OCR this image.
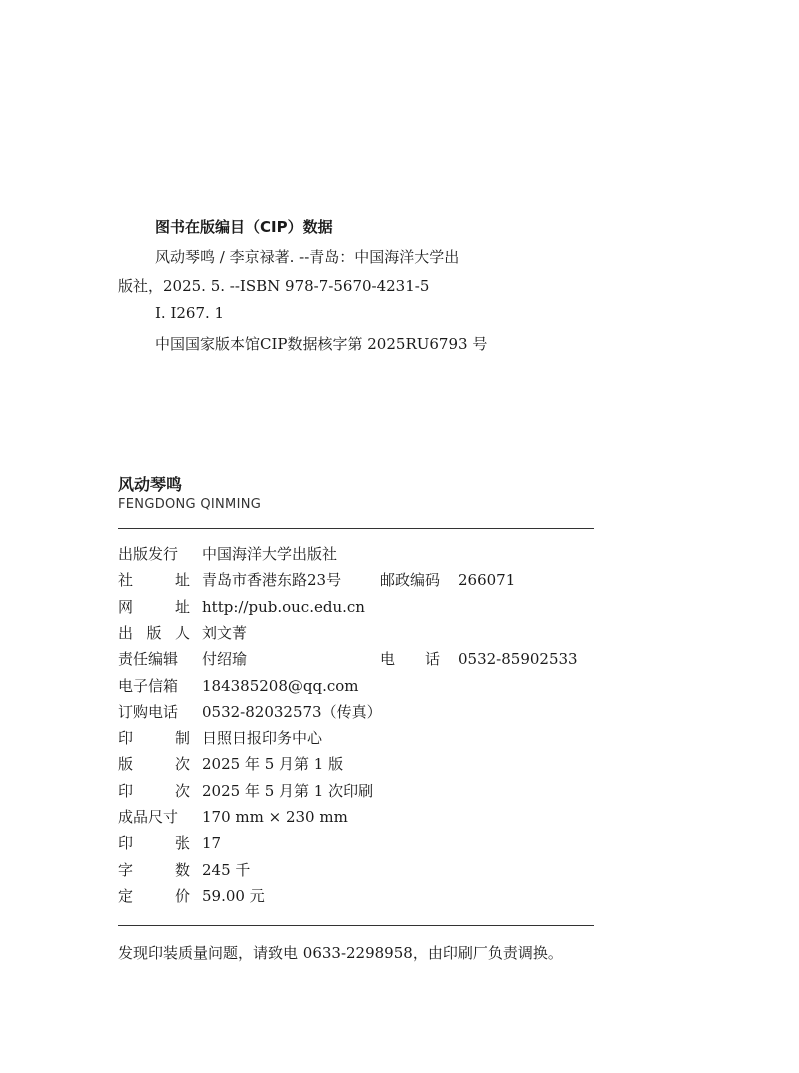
图书在版编目（CIP）数据
风动琴鸣 / 李京禄著. --青岛：中国海洋大学出
版社，2025. 5. --ISBN 978-7-5670-4231-5
Ⅰ. I267. 1
中国国家版本馆CIP数据核字第 2025RU6793 号
风动琴鸣
FENGDONG QINMING
出版发行 中国海洋大学出版社
社	址 青岛市香港东路23号	邮政编码 266071
网	址 http://pub.ouc.edu.cn
出 版 人 刘文菁
责任编辑 付绍瑜	电 话 0532-85902533
电子信箱 184385208@qq.com
订购电话 0532-82032573（传真）
印	制 日照日报印务中心
版	次 2025 年 5 月第 1 版
印	次 2025 年 5 月第 1 次印刷
成品尺寸 170 mm × 230 mm
印	张 17
字	数 245 千
定	价 59.00 元
发现印装质量问题，请致电 0633-2298958，由印刷厂负责调换。
